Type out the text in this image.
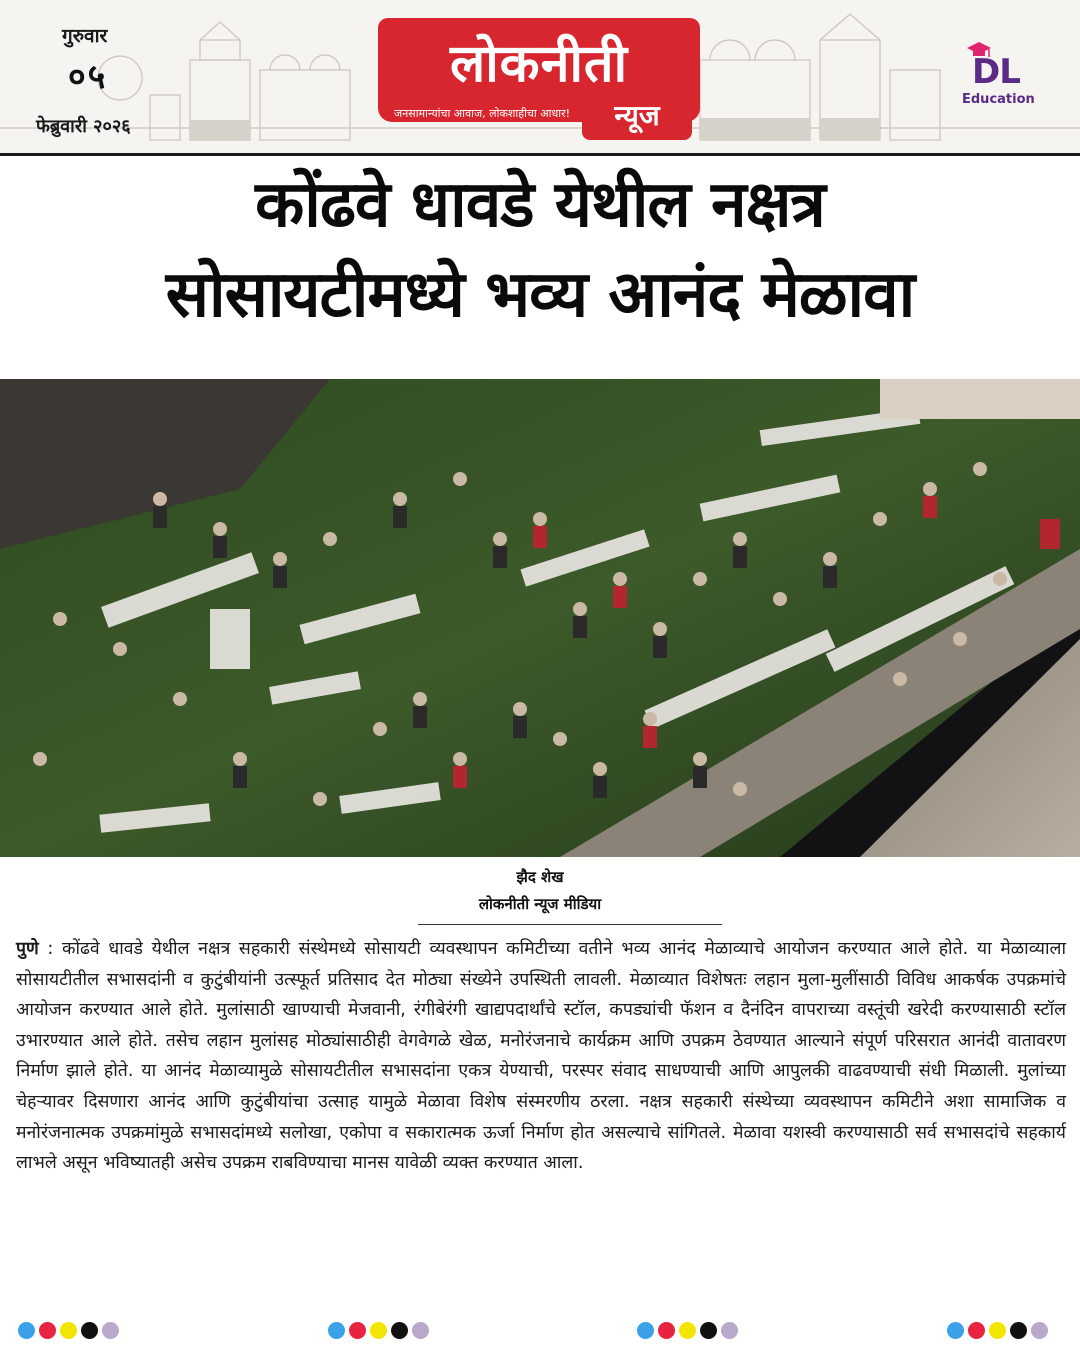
गुरुवार
०५
फेब्रुवारी २०२६
लोकनीती
जनसामान्यांचा आवाज, लोकशाहीचा आधार!	न्यूज
DL
Education
कोंढवे धावडे येथील नक्षत्र
सोसायटीमध्ये भव्य आनंद मेळावा
झैद शेख
लोकनीती न्यूज मीडिया

पुणे : कोंढवे धावडे येथील नक्षत्र सहकारी संस्थेमध्ये सोसायटी व्यवस्थापन कमिटीच्या वतीने भव्य आनंद मेळाव्याचे आयोजन करण्यात आले होते. या मेळाव्याला सोसायटीतील सभासदांनी व कुटुंबीयांनी उत्स्फूर्त प्रतिसाद देत मोठ्या संख्येने उपस्थिती लावली. मेळाव्यात विशेषतः लहान मुला-मुलींसाठी विविध आकर्षक उपक्रमांचे आयोजन करण्यात आले होते. मुलांसाठी खाण्याची मेजवानी, रंगीबेरंगी खाद्यपदार्थांचे स्टॉल, कपड्यांची फॅशन व दैनंदिन वापराच्या वस्तूंची खरेदी करण्यासाठी स्टॉल उभारण्यात आले होते. तसेच लहान मुलांसह मोठ्यांसाठीही वेगवेगळे खेळ, मनोरंजनाचे कार्यक्रम आणि उपक्रम ठेवण्यात आल्याने संपूर्ण परिसरात आनंदी वातावरण निर्माण झाले होते. या आनंद मेळाव्यामुळे सोसायटीतील सभासदांना एकत्र येण्याची, परस्पर संवाद साधण्याची आणि आपुलकी वाढवण्याची संधी मिळाली. मुलांच्या चेहऱ्यावर दिसणारा आनंद आणि कुटुंबीयांचा उत्साह यामुळे मेळावा विशेष संस्मरणीय ठरला. नक्षत्र सहकारी संस्थेच्या व्यवस्थापन कमिटीने अशा सामाजिक व मनोरंजनात्मक उपक्रमांमुळे सभासदांमध्ये सलोखा, एकोपा व सकारात्मक ऊर्जा निर्माण होत असल्याचे सांगितले. मेळावा यशस्वी करण्यासाठी सर्व सभासदांचे सहकार्य लाभले असून भविष्यातही असेच उपक्रम राबविण्याचा मानस यावेळी व्यक्त करण्यात आला.
